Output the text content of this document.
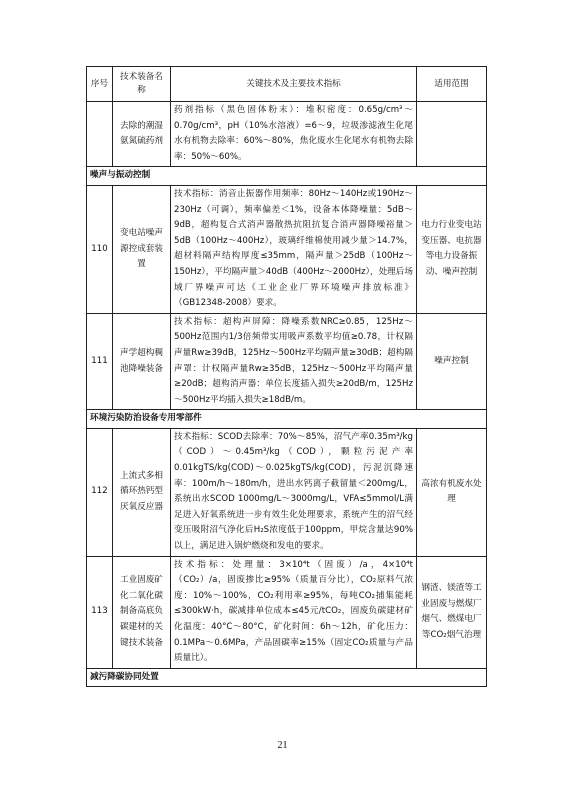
序号	技术装备名称	关键技术及主要技术指标	适用范围
	去除的潮湿氨氮硫药剂	药剂指标（黑色固体粉末）：堆积密度：0.65g/cm³～0.70g/cm³，pH（10%水溶液）=6～9，垃圾渗滤液生化尾水有机物去除率：60%～80%，焦化废水生化尾水有机物去除率：50%～60%。	
噪声与振动控制			
110	变电站噪声源控成套装置	技术指标：消音止振器作用频率：80Hz～140Hz或190Hz～230Hz（可调），频率偏差＜1%，设备本体降噪量：5dB～9dB，超构复合式消声器散热抗阻抗复合消声器降噪裕量＞5dB（100Hz～400Hz），玻璃纤维棉使用减少量＞14.7%，超材料隔声结构厚度≤35mm，隔声量＞25dB（100Hz～150Hz），平均隔声量＞40dB（400Hz～2000Hz），处理后场域厂界噪声可达《工业企业厂界环境噪声排放标准》（GB12348-2008）要求。	电力行业变电站变压器、电抗器等电力设备振动、噪声控制
111	声学超构稠池降噪装备	技术指标：超构声屏障：降噪系数NRC≥0.85，125Hz～500Hz范围内1/3倍频带实用吸声系数平均值≥0.78，计权隔声量Rw≥39dB，125Hz～500Hz平均隔声量≥30dB；超构隔声罩：计权隔声量Rw≥35dB，125Hz～500Hz平均隔声量≥20dB；超构消声器：单位长度插入损失≥20dB/m，125Hz～500Hz平均插入损失≥18dB/m。	噪声控制
环境污染防治设备专用零部件			
112	上流式多相循环热钙型厌氧反应器	技术指标：SCOD去除率：70%～85%，沼气产率0.35m³/kg（COD）～0.45m³/kg（COD），颗粒污泥产率0.01kgTS/kg(COD)～0.025kgTS/kg(COD)，污泥沉降速率：100m/h～180m/h，进出水钙离子截留量＜200mg/L，系统出水SCOD 1000mg/L～3000mg/L，VFA≤5mmol/L满足进入好氧系统进一步有效生化处理要求，系统产生的沼气经变压吸附沼气净化后H₂S浓度低于100ppm，甲烷含量达90%以上，满足进入锅炉燃烧和发电的要求。	高浓有机废水处理
113	工业固废矿化二氧化碳制备高底负碳建材的关键技术装备	技术指标：处理量：3×10⁴t（固废）/a，4×10⁴t（CO₂）/a，固废掺比≥95%（质量百分比），CO₂原料气浓度：10%～100%，CO₂利用率≥95%，每吨CO₂捕集能耗≤300kW·h，碳减排单位成本≤45元/tCO₂，固废负碳建材矿化温度：40°C～80°C，矿化时间：6h～12h，矿化压力：0.1MPa～0.6MPa，产品固碳率≥15%（固定CO₂质量与产品质量比）。	钢渣、镁渣等工业固废与燃煤厂烟气、燃煤电厂等CO₂烟气治理
减污降碳协同处置			
21
